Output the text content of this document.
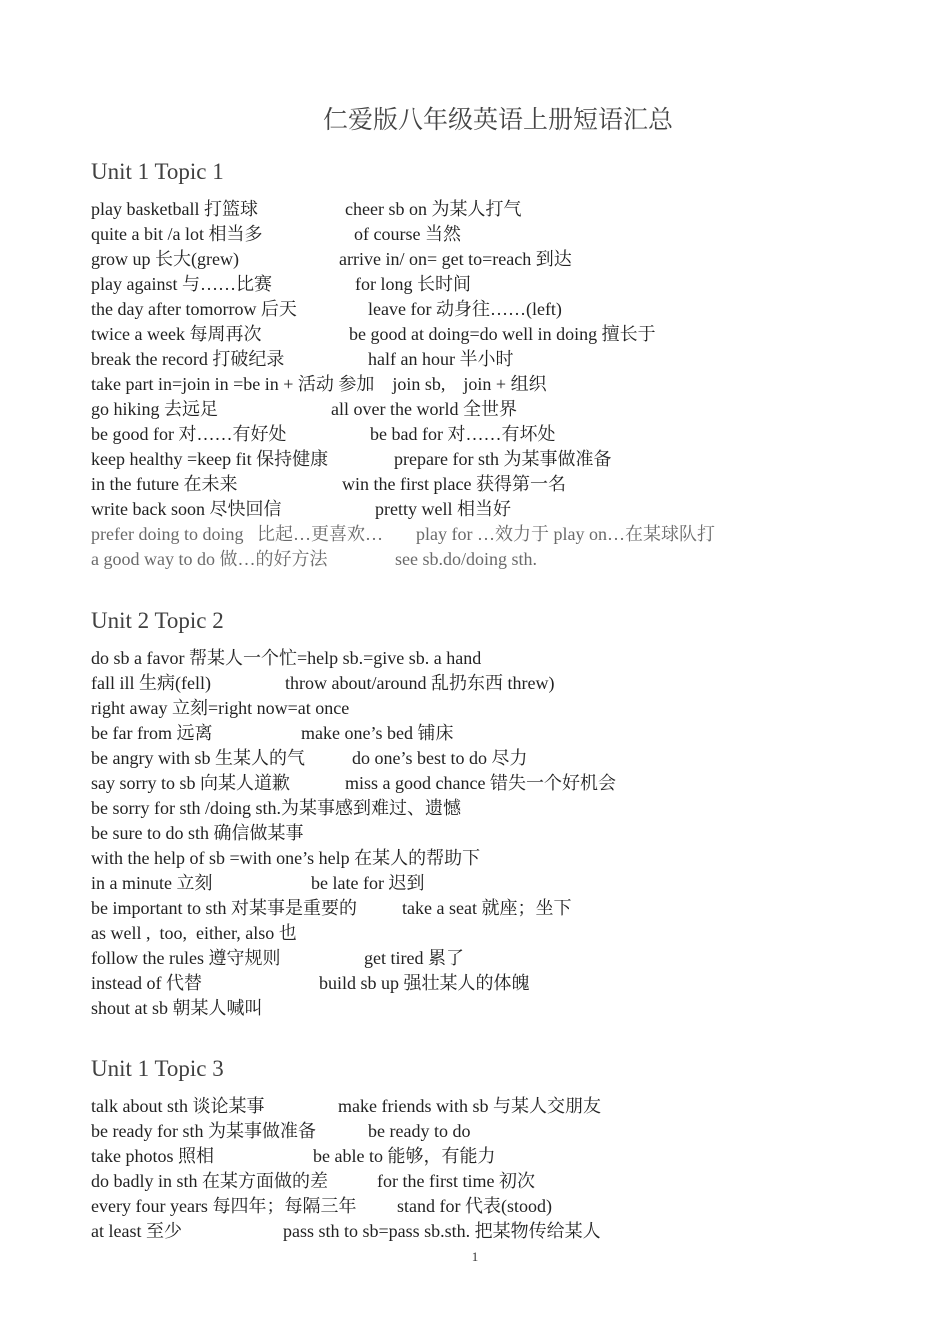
仁爱版八年级英语上册短语汇总
Unit 1 Topic 1
play basketball 打篮球	cheer sb on 为某人打气
quite a bit /a lot 相当多	of course 当然
grow up 长大(grew)	arrive in/ on= get to=reach 到达
play against 与……比赛	for long 长时间
the day after tomorrow 后天	leave for 动身往……(left)
twice a week 每周再次	be good at doing=do well in doing 擅长于
break the record 打破纪录	half an hour 半小时
take part in=join in =be in + 活动 参加    join sb,    join + 组织
go hiking 去远足	all over the world 全世界
be good for 对……有好处	be bad for 对……有坏处
keep healthy =keep fit 保持健康	prepare for sth 为某事做准备
in the future 在未来	win the first place 获得第一名
write back soon 尽快回信	pretty well 相当好
prefer doing to doing   比起…更喜欢… play for …效力于 play on…在某球队打
a good way to do 做…的好方法	see sb.do/doing sth.
Unit 2 Topic 2
do sb a favor 帮某人一个忙=help sb.=give sb. a hand
fall ill 生病(fell)	throw about/around 乱扔东西 threw)
right away 立刻=right now=at once
be far from 远离	make one’s bed 铺床
be angry with sb 生某人的气	do one’s best to do 尽力
say sorry to sb 向某人道歉	miss a good chance 错失一个好机会
be sorry for sth /doing sth.为某事感到难过、遗憾
be sure to do sth 确信做某事
with the help of sb =with one’s help 在某人的帮助下
in a minute 立刻	be late for 迟到
be important to sth 对某事是重要的	take a seat 就座；坐下
as well ,  too,  either, also 也
follow the rules 遵守规则	get tired 累了
instead of 代替	build sb up 强壮某人的体魄
shout at sb 朝某人喊叫
Unit 1 Topic 3
talk about sth 谈论某事	make friends with sb 与某人交朋友
be ready for sth 为某事做准备	be ready to do
take photos 照相	be able to 能够，有能力
do badly in sth 在某方面做的差	for the first time 初次
every four years 每四年；每隔三年 stand for 代表(stood)
at least 至少	pass sth to sb=pass sb.sth. 把某物传给某人
1
